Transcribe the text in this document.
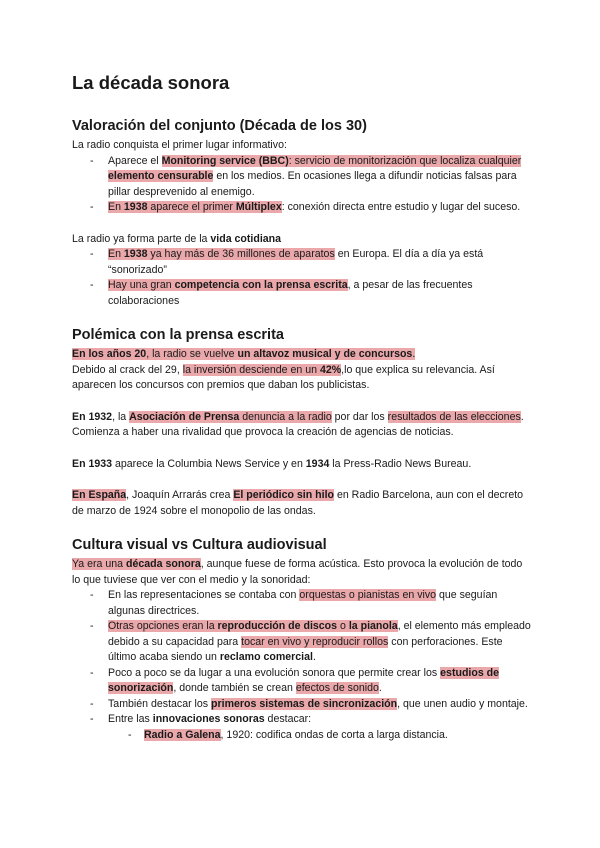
La década sonora
Valoración del conjunto (Década de los 30)

La radio conquista el primer lugar informativo:

- Aparece el Monitoring service (BBC): servicio de monitorización que localiza cualquier elemento censurable en los medios. En ocasiones llega a difundir noticias falsas para pillar desprevenido al enemigo.
- En 1938 aparece el primer Múltiplex: conexión directa entre estudio y lugar del suceso.

La radio ya forma parte de la vida cotidiana

- En 1938 ya hay más de 36 millones de aparatos en Europa. El día a día ya está “sonorizado”
- Hay una gran competencia con la prensa escrita, a pesar de las frecuentes colaboraciones
Polémica con la prensa escrita

En los años 20, la radio se vuelve un altavoz musical y de concursos.

Debido al crack del 29, la inversión desciende en un 42%,lo que explica su relevancia. Así aparecen los concursos con premios que daban los publicistas.

En 1932, la Asociación de Prensa denuncia a la radio por dar los resultados de las elecciones. Comienza a haber una rivalidad que provoca la creación de agencias de noticias.

En 1933 aparece la Columbia News Service y en 1934 la Press-Radio News Bureau.

En España, Joaquín Arrarás crea El periódico sin hilo en Radio Barcelona, aun con el decreto de marzo de 1924 sobre el monopolio de las ondas.

Cultura visual vs Cultura audiovisual

Ya era una década sonora, aunque fuese de forma acústica. Esto provoca la evolución de todo lo que tuviese que ver con el medio y la sonoridad:

- En las representaciones se contaba con orquestas o pianistas en vivo que seguían algunas directrices.
- Otras opciones eran la reproducción de discos o la pianola, el elemento más empleado debido a su capacidad para tocar en vivo y reproducir rollos con perforaciones. Este último acaba siendo un reclamo comercial.
- Poco a poco se da lugar a una evolución sonora que permite crear los estudios de sonorización, donde también se crean efectos de sonido.
- También destacar los primeros sistemas de sincronización, que unen audio y montaje.
- Entre las innovaciones sonoras destacar:
- Radio a Galena, 1920: codifica ondas de corta a larga distancia.
